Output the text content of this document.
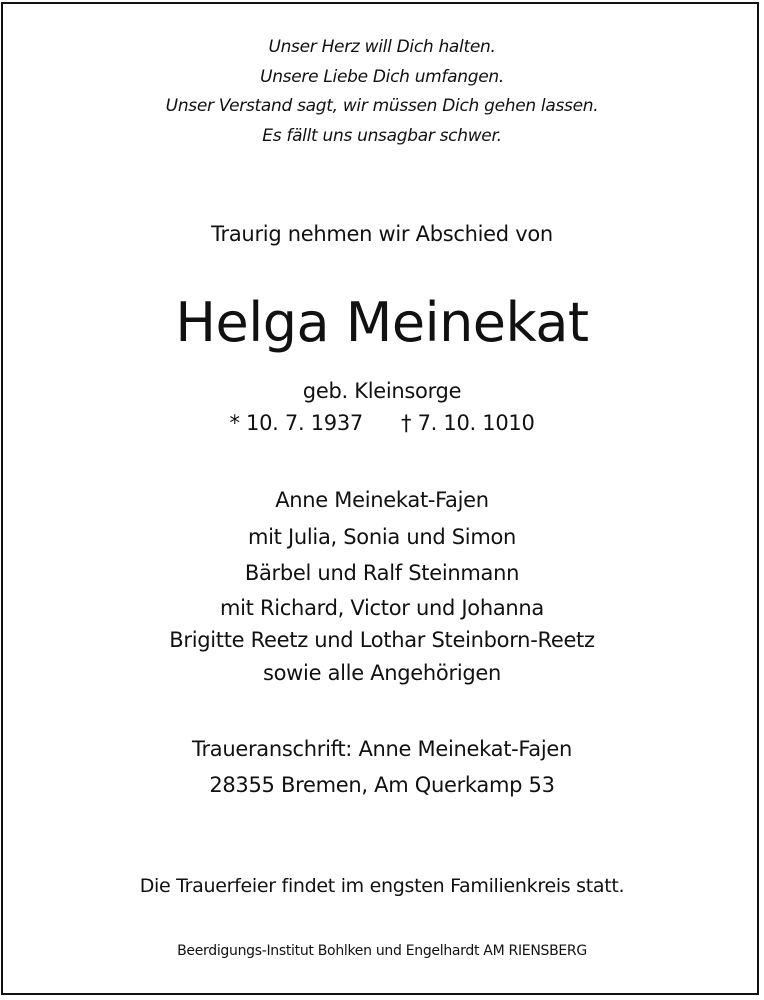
Unser Herz will Dich halten.
Unsere Liebe Dich umfangen.
Unser Verstand sagt, wir müssen Dich gehen lassen.
Es fällt uns unsagbar schwer.
Traurig nehmen wir Abschied von
Helga Meinekat
geb. Kleinsorge
* 10. 7. 1937 † 7. 10. 1010
Anne Meinekat-Fajen
mit Julia, Sonia und Simon
Bärbel und Ralf Steinmann
mit Richard, Victor und Johanna
Brigitte Reetz und Lothar Steinborn-Reetz
sowie alle Angehörigen
Traueranschrift: Anne Meinekat-Fajen
28355 Bremen, Am Querkamp 53
Die Trauerfeier findet im engsten Familienkreis statt.
Beerdigungs-Institut Bohlken und Engelhardt AM RIENSBERG
